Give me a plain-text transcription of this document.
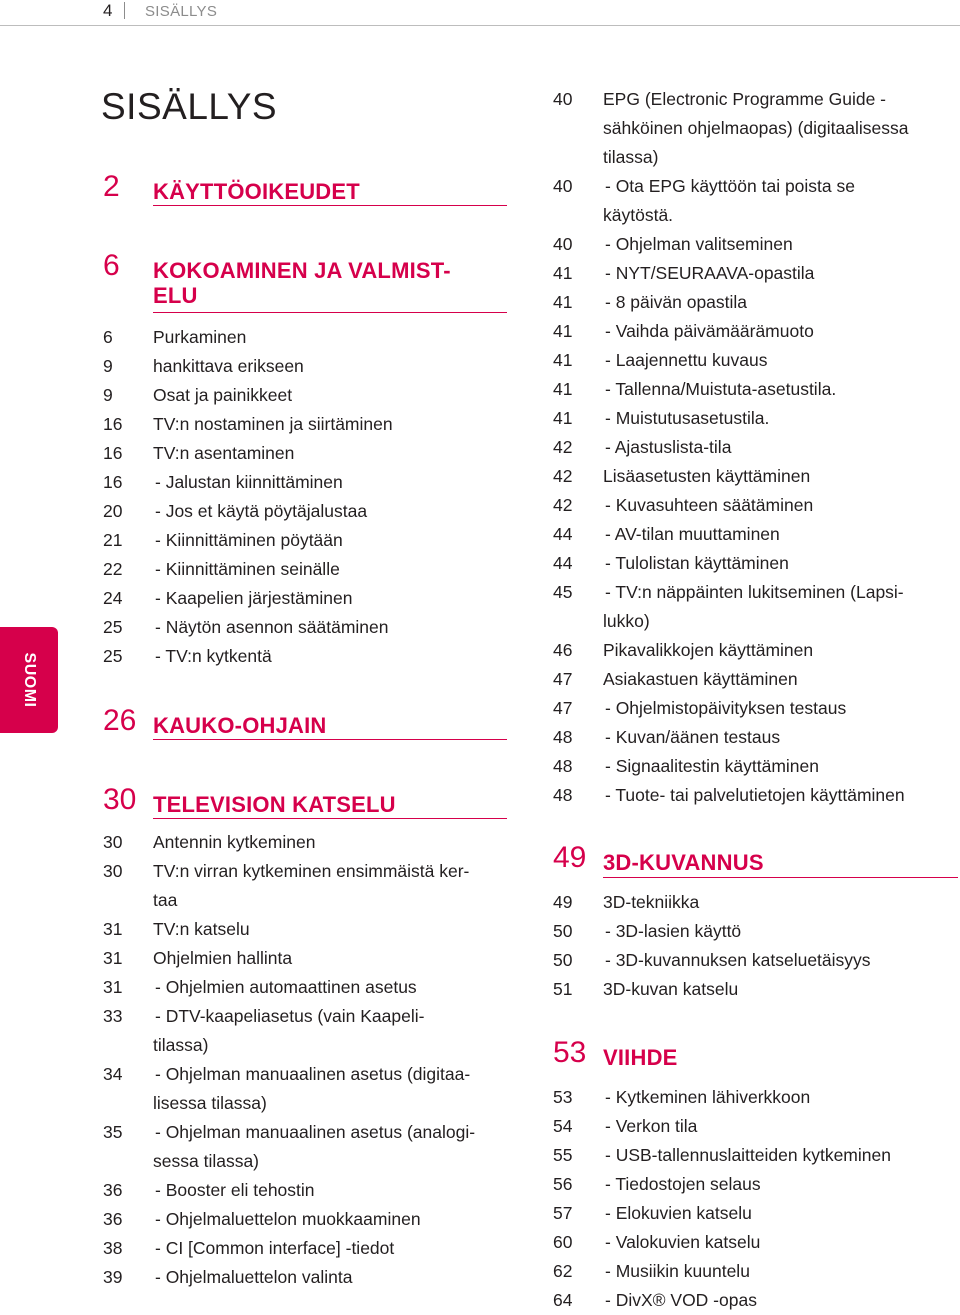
4 SISÄLLYS
SISÄLLYS
SUOMI
2 KÄYTTÖOIKEUDET
6 KOKOAMINEN JA VALMIST-
ELU
6 Purkaminen
9 hankittava erikseen
9 Osat ja painikkeet
16 TV:n nostaminen ja siirtäminen
16 TV:n asentaminen
16 - Jalustan kiinnittäminen
20 - Jos et käytä pöytäjalustaa
21 - Kiinnittäminen pöytään
22 - Kiinnittäminen seinälle
24 - Kaapelien järjestäminen
25 - Näytön asennon säätäminen
25 - TV:n kytkentä
26 KAUKO-OHJAIN
30 TELEVISION KATSELU
30 Antennin kytkeminen
30 TV:n virran kytkeminen ensimmäistä ker-
taa
31 TV:n katselu
31 Ohjelmien hallinta
31 - Ohjelmien automaattinen asetus
33 - DTV-kaapeliasetus (vain Kaapeli-
tilassa)
34 - Ohjelman manuaalinen asetus (digitaa-
lisessa tilassa)
35 - Ohjelman manuaalinen asetus (analogi-
sessa tilassa)
36 - Booster eli tehostin
36 - Ohjelmaluettelon muokkaaminen
38 - CI [Common interface] -tiedot
39 - Ohjelmaluettelon valinta
40 EPG (Electronic Programme Guide -
sähköinen ohjelmaopas) (digitaalisessa
tilassa)
40 - Ota EPG käyttöön tai poista se
käytöstä.
40 - Ohjelman valitseminen
41 - NYT/SEURAAVA-opastila
41 - 8 päivän opastila
41 - Vaihda päivämäärämuoto
41 - Laajennettu kuvaus
41 - Tallenna/Muistuta-asetustila.
41 - Muistutusasetustila.
42 - Ajastuslista-tila
42 Lisäasetusten käyttäminen
42 - Kuvasuhteen säätäminen
44 - AV-tilan muuttaminen
44 - Tulolistan käyttäminen
45 - TV:n näppäinten lukitseminen (Lapsi-
lukko)
46 Pikavalikkojen käyttäminen
47 Asiakastuen käyttäminen
47 - Ohjelmistopäivityksen testaus
48 - Kuvan/äänen testaus
48 - Signaalitestin käyttäminen
48 - Tuote- tai palvelutietojen käyttäminen
49 3D-KUVANNUS
49 3D-tekniikka
50 - 3D-lasien käyttö
50 - 3D-kuvannuksen katseluetäisyys
51 3D-kuvan katselu
53 VIIHDE
53 - Kytkeminen lähiverkkoon
54 - Verkon tila
55 - USB-tallennuslaitteiden kytkeminen
56 - Tiedostojen selaus
57 - Elokuvien katselu
60 - Valokuvien katselu
62 - Musiikin kuuntelu
64 - DivX® VOD -opas
